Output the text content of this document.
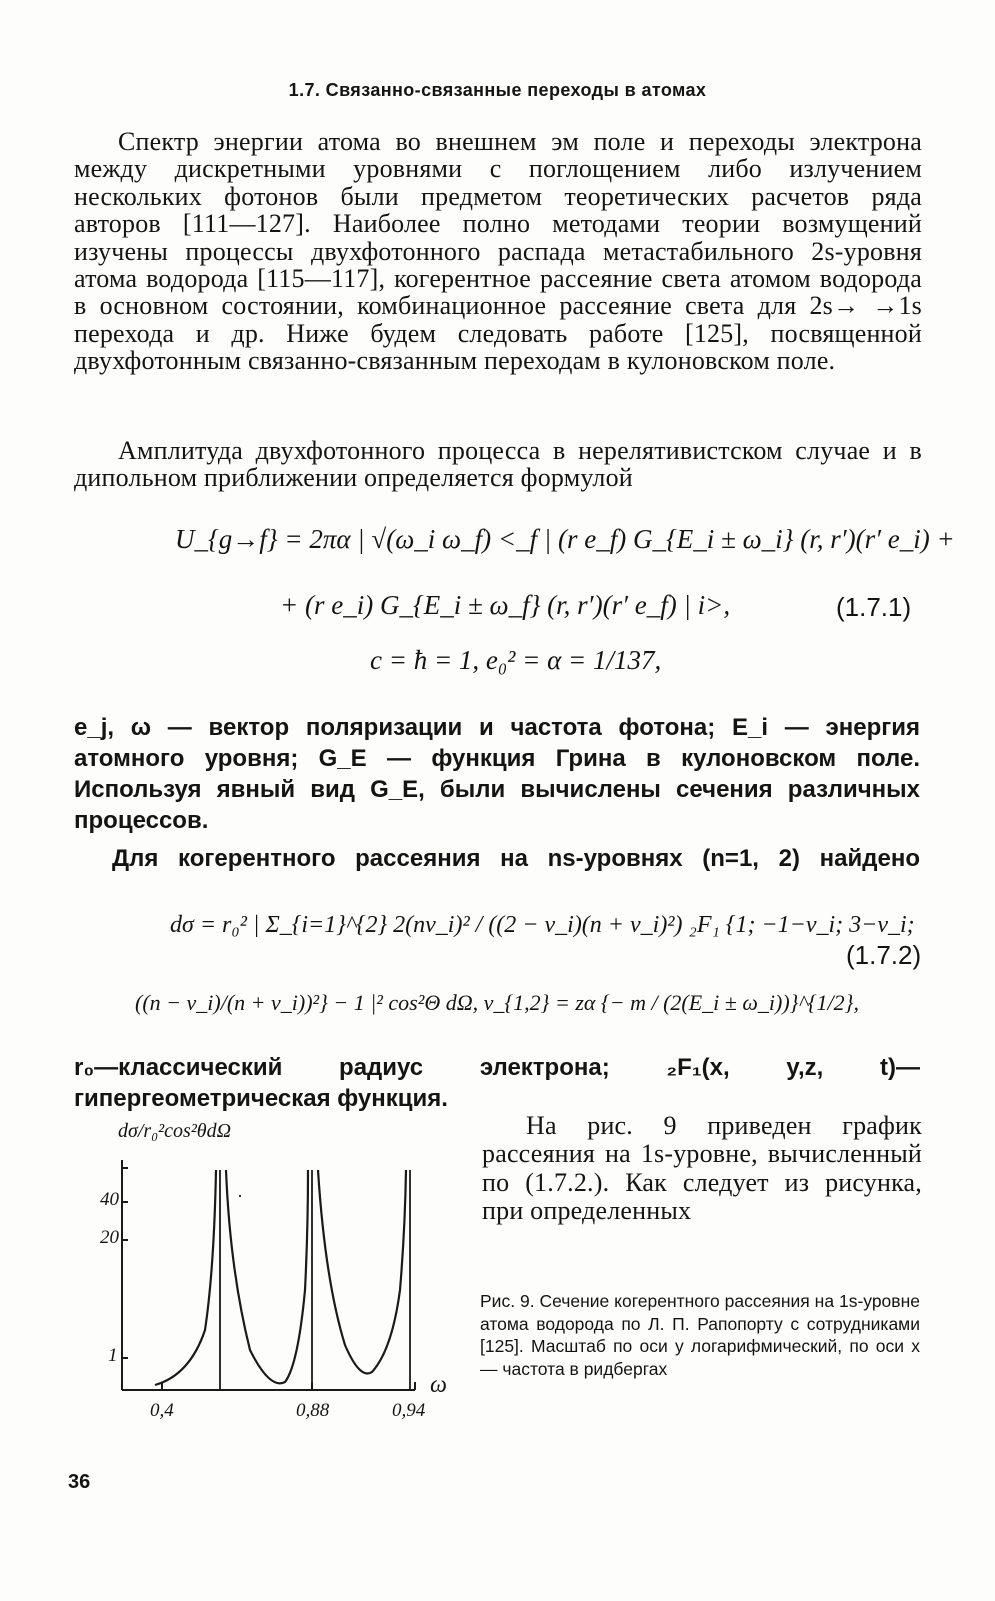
1.7. Связанно-связанные переходы в атомах

Спектр энергии атома во внешнем эм поле и переходы электрона между дискретными уровнями с поглощением либо излучением нескольких фотонов были предметом теоретических расчетов ряда авторов [111—127]. Наиболее полно методами теории возмущений изучены процессы двухфотонного распада метастабильного 2s-уровня атома водорода [115—117], когерентное рассеяние света атомом водорода в основном состоянии, комбинационное рассеяние света для 2s→ →1s перехода и др. Ниже будем следовать работе [125], посвященной двухфотонным связанно-связанным переходам в кулоновском поле.

Амплитуда двухфотонного процесса в нерелятивистском случае и в дипольном приближении определяется формулой

U_{g→f} = 2πα | √(ω_i ω_f) <_f | (r e_f) G_{E_i ± ω_i} (r, r′)(r′ e_i) +
+ (r e_i) G_{E_i ± ω_f} (r, r′)(r′ e_f) | i>,	(1.7.1)
c = ħ = 1, e₀² = α = 1/137,

e_j, ω — вектор поляризации и частота фотона; E_i — энергия атомного уровня; G_E — функция Грина в кулоновском поле. Используя явный вид G_E, были вычислены сечения различных процессов.

Для когерентного рассеяния на ns-уровнях (n=1, 2) найдено

dσ = r₀² | Σ_{i=1}^{2} 2(nν_i)² / ((2 − ν_i)(n + ν_i)²) ₂F₁ {1; −1−ν_i; 3−ν_i;
(1.7.2)
((n − ν_i)/(n + ν_i))²} − 1 |² cos²Θ dΩ, ν_{1,2} = zα {− m / (2(E_i ± ω_i))}^{1/2},

r₀—классический радиус электрона; ₂F₁(x, y,z, t)—гипергеометрическая функция.

На рис. 9 приведен график рассеяния на 1s-уровне, вычисленный по (1.7.2.). Как следует из рисунка, при определенных
dσ/r₀²cos²θdΩ
40
20
1
0,4	0,88	0,94
ω

Рис. 9. Сечение когерентного рассеяния на 1s-уровне атома водорода по Л. П. Рапопорту с сотрудниками [125]. Масштаб по оси y логарифмический, по оси x — частота в ридбергах

36
